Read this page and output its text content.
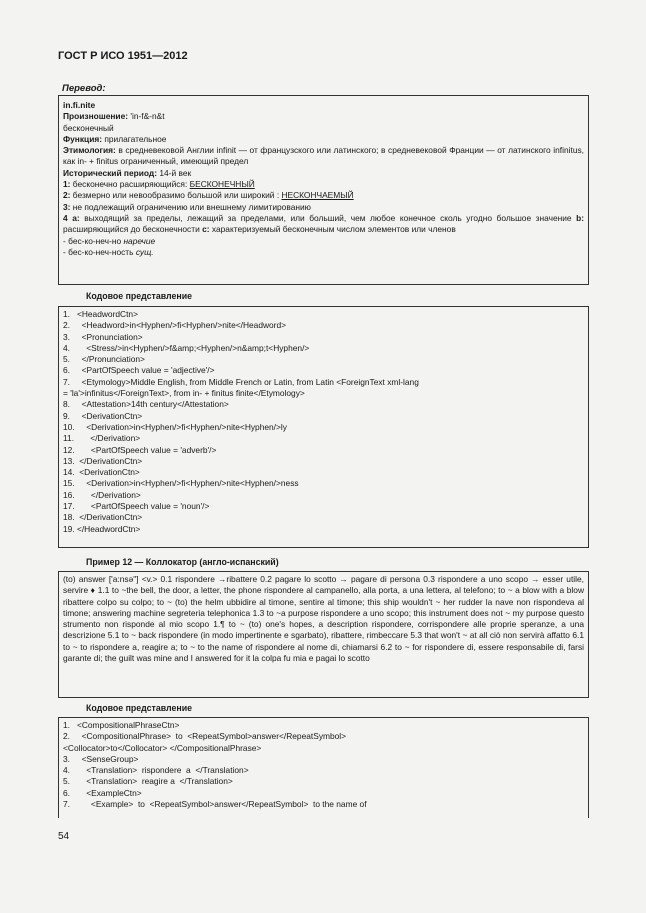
ГОСТ Р ИСО 1951—2012
Перевод:
in.fi.nite
Произношение: 'in-f&-n&t
бесконечный
Функция: прилагательное
Этимология: в средневековой Англии infinit — от французского или латинского; в средневековой Франции — от латинского infinitus, как in- + finitus ограниченный, имеющий предел
Исторический период: 14-й век
1: бесконечно расширяющийся: БЕСКОНЕЧНЫЙ
2: безмерно или невообразимо большой или широкий : НЕСКОНЧАЕМЫЙ
3: не подлежащий ограничению или внешнему лимитированию
4 a: выходящий за пределы, лежащий за пределами, или больший, чем любое конечное сколь угодно большое значение b: расширяющийся до бесконечности c: характеризуемый бесконечным числом элементов или членов
- бес-ко-неч-но наречие
- бес-ко-неч-ность сущ.
Кодовое представление
1.   <HeadwordCtn>
2.     <Headword>in<Hyphen/>fi<Hyphen/>nite</Headword>
3.     <Pronunciation>
4.       <Stress/>in<Hyphen/>f&amp;<Hyphen/>n&amp;t<Hyphen/>
5.     </Pronunciation>
6.     <PartOfSpeech value = 'adjective'/>
7.     <Etymology>Middle English, from Middle French or Latin, from Latin <ForeignText xml-lang
= 'la'>infinitus</ForeignText>, from in- + finitus finite</Etymology>
8.     <Attestation>14th century</Attestation>
9.     <DerivationCtn>
10.     <Derivation>in<Hyphen/>fi<Hyphen/>nite<Hyphen/>ly
11.       </Derivation>
12.       <PartOfSpeech value = 'adverb'/>
13.  </DerivationCtn>
14.  <DerivationCtn>
15.     <Derivation>in<Hyphen/>fi<Hyphen/>nite<Hyphen/>ness
16.       </Derivation>
17.       <PartOfSpeech value = 'noun'/>
18.  </DerivationCtn>
19. </HeadwordCtn>
Пример 12 — Коллокатор (англо-испанский)

(to) answer ['a:nsə"] <v.> 0.1 rispondere →ribattere 0.2 pagare lo scotto → pagare di persona 0.3 rispondere a uno scopo → esser utile, servire ♦ 1.1 to ~the bell, the door, a letter, the phone rispondere al campanello, alla porta, a una lettera, al telefono; to ~ a blow with a blow ribattere colpo su colpo; to ~ (to) the helm ubbidire al timone, sentire al timone; this ship wouldn't ~ her rudder la nave non rispondeva al timone; answering machine segreteria telephonica 1.3 to ~a purpose rispondere a uno scopo; this instrument does not ~ my purpose questo strumento non risponde al mio scopo 1.¶ to ~ (to) one's hopes, a description rispondere, corrispondere alle proprie speranze, a una descrizione 5.1 to ~ back rispondere (in modo impertinente e sgarbato), ribattere, rimbeccare 5.3 that won't ~ at all ciò non servirà affatto 6.1 to ~ to rispondere a, reagire a; to ~ to the name of rispondere al nome di, chiamarsi 6.2 to ~ for rispondere di, essere responsabile di, farsi garante di; the guilt was mine and I answered for it la colpa fu mia e pagai lo scotto

Кодовое представление
1.   <CompositionalPhraseCtn>
2.     <CompositionalPhrase>  to  <RepeatSymbol>answer</RepeatSymbol>
<Collocator>to</Collocator> </CompositionalPhrase>
3.     <SenseGroup>
4.       <Translation>  rispondere  a  </Translation>
5.       <Translation>  reagire a  </Translation>
6.       <ExampleCtn>
7.         <Example>  to  <RepeatSymbol>answer</RepeatSymbol>  to the name of
54
